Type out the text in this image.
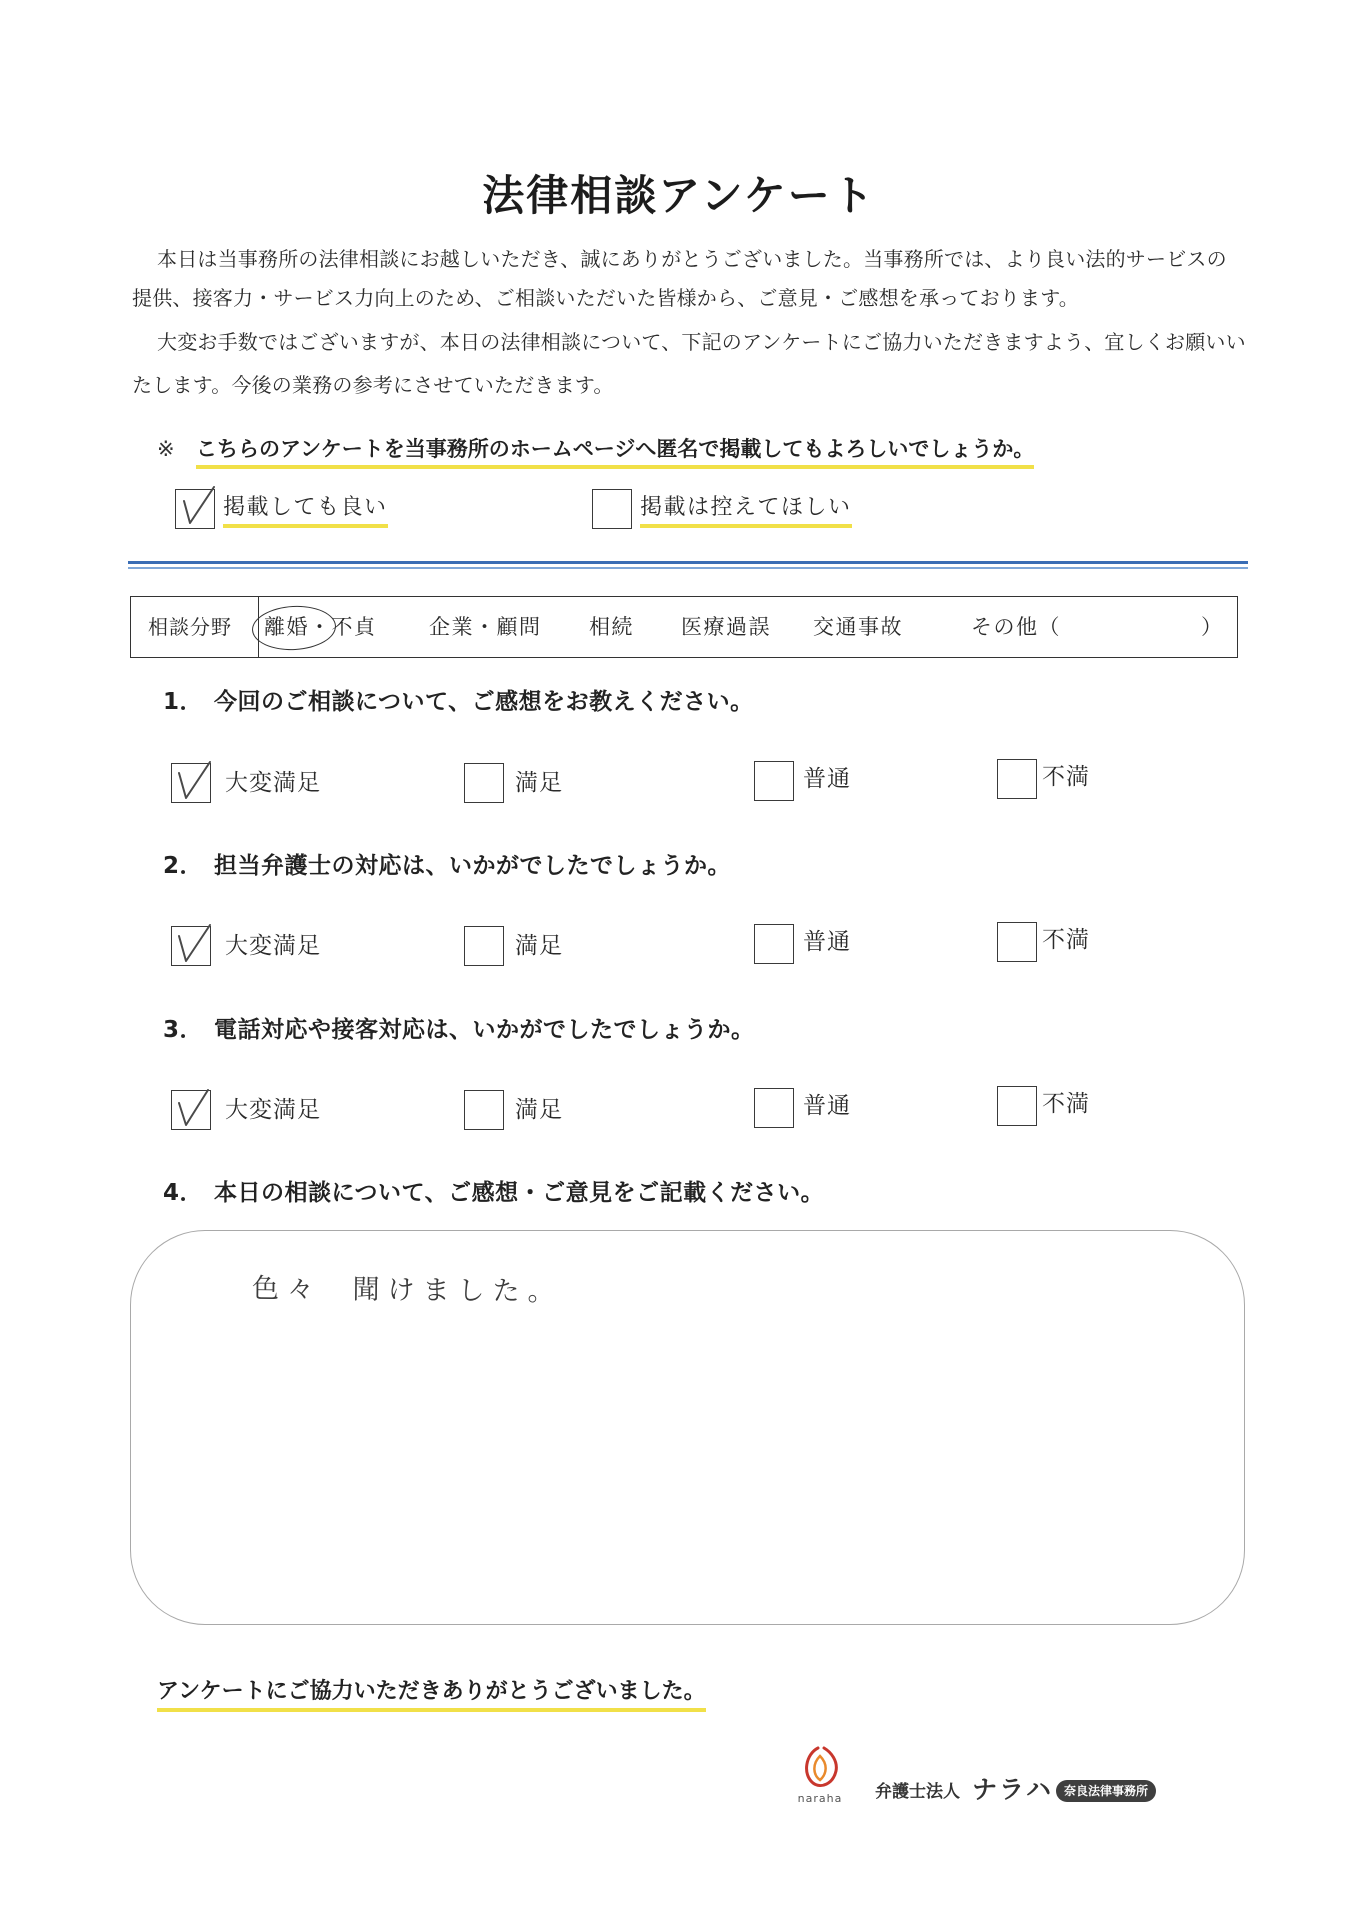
法律相談アンケート
本日は当事務所の法律相談にお越しいただき、誠にありがとうございました。当事務所では、より良い法的サービスの
提供、接客力・サービス力向上のため、ご相談いただいた皆様から、ご意見・ご感想を承っております。
大変お手数ではございますが、本日の法律相談について、下記のアンケートにご協力いただきますよう、宜しくお願いい
たします。今後の業務の参考にさせていただきます。
※ こちらのアンケートを当事務所のホームページへ匿名で掲載してもよろしいでしょうか。
掲載しても良い	掲載は控えてほしい
相談分野 離婚・不貞	企業・顧問 相続 医療過誤 交通事故	その他（	）
1． 今回のご相談について、ご感想をお教えください。
大変満足	満足	普通	不満
2． 担当弁護士の対応は、いかがでしたでしょうか。
大変満足	満足	普通	不満
3． 電話対応や接客対応は、いかがでしたでしょうか。
大変満足	満足	普通	不満
4． 本日の相談について、ご感想・ご意見をご記載ください。
色々 聞けました。
アンケートにご協力いただきありがとうございました。
naraha 弁護士法人 ナラハ 奈良法律事務所
